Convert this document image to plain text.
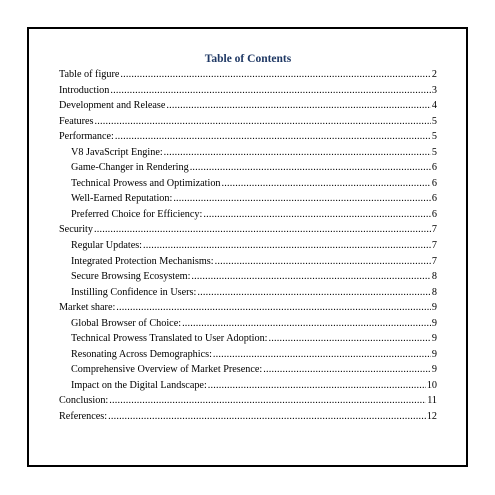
Table of Contents
Table of figure .....	2
Introduction .....	3
Development and Release .....	4
Features .....	5
Performance: .....	5
V8 JavaScript Engine: .....	5
Game-Changer in Rendering .....	6
Technical Prowess and Optimization .....	6
Well-Earned Reputation: .....	6
Preferred Choice for Efficiency: .....	6
Security .....	7
Regular Updates: .....	7
Integrated Protection Mechanisms: .....	7
Secure Browsing Ecosystem: .....	8
Instilling Confidence in Users: .....	8
Market share: .....	9
Global Browser of Choice: .....	9
Technical Prowess Translated to User Adoption: .....	9
Resonating Across Demographics: .....	9
Comprehensive Overview of Market Presence: .....	9
Impact on the Digital Landscape: .....	10
Conclusion: .....	11
References: .....	12
